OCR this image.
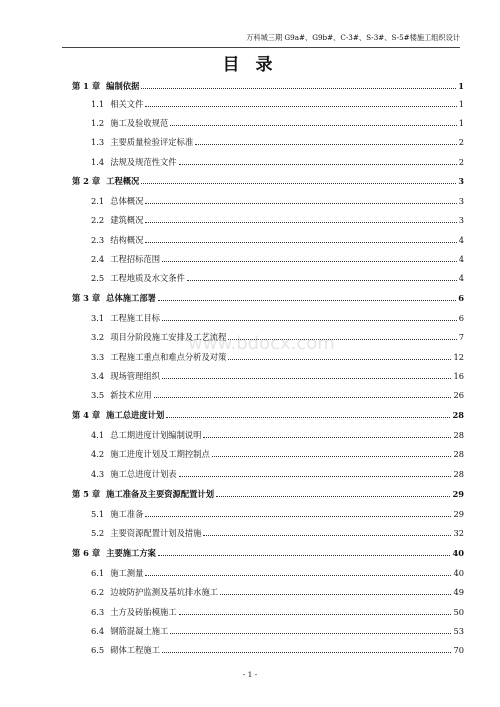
万科城三期 G9a#、G9b#、C-3#、S-3#、S-5#楼施工组织设计
目 录
www.bdocx.com
第 1 章 编制依据	1
1.1 相关文件	1
1.2 施工及验收规范	1
1.3 主要质量检验评定标准	2
1.4 法规及规范性文件	2
第 2 章 工程概况	3
2.1 总体概况	3
2.2 建筑概况	3
2.3 结构概况	4
2.4 工程招标范围	4
2.5 工程地质及水文条件	4
第 3 章 总体施工部署	6
3.1 工程施工目标	6
3.2 项目分阶段施工安排及工艺流程	7
3.3 工程施工重点和难点分析及对策	12
3.4 现场管理组织	16
3.5 新技术应用	26
第 4 章 施工总进度计划	28
4.1 总工期进度计划编制说明	28
4.2 施工进度计划及工期控制点	28
4.3 施工总进度计划表	28
第 5 章 施工准备及主要资源配置计划	29
5.1 施工准备	29
5.2 主要资源配置计划及措施	32
第 6 章 主要施工方案	40
6.1 施工测量	40
6.2 边坡防护监测及基坑排水施工	49
6.3 土方及砖胎模施工	50
6.4 钢筋混凝土施工	53
6.5 砌体工程施工	70
- 1 -
